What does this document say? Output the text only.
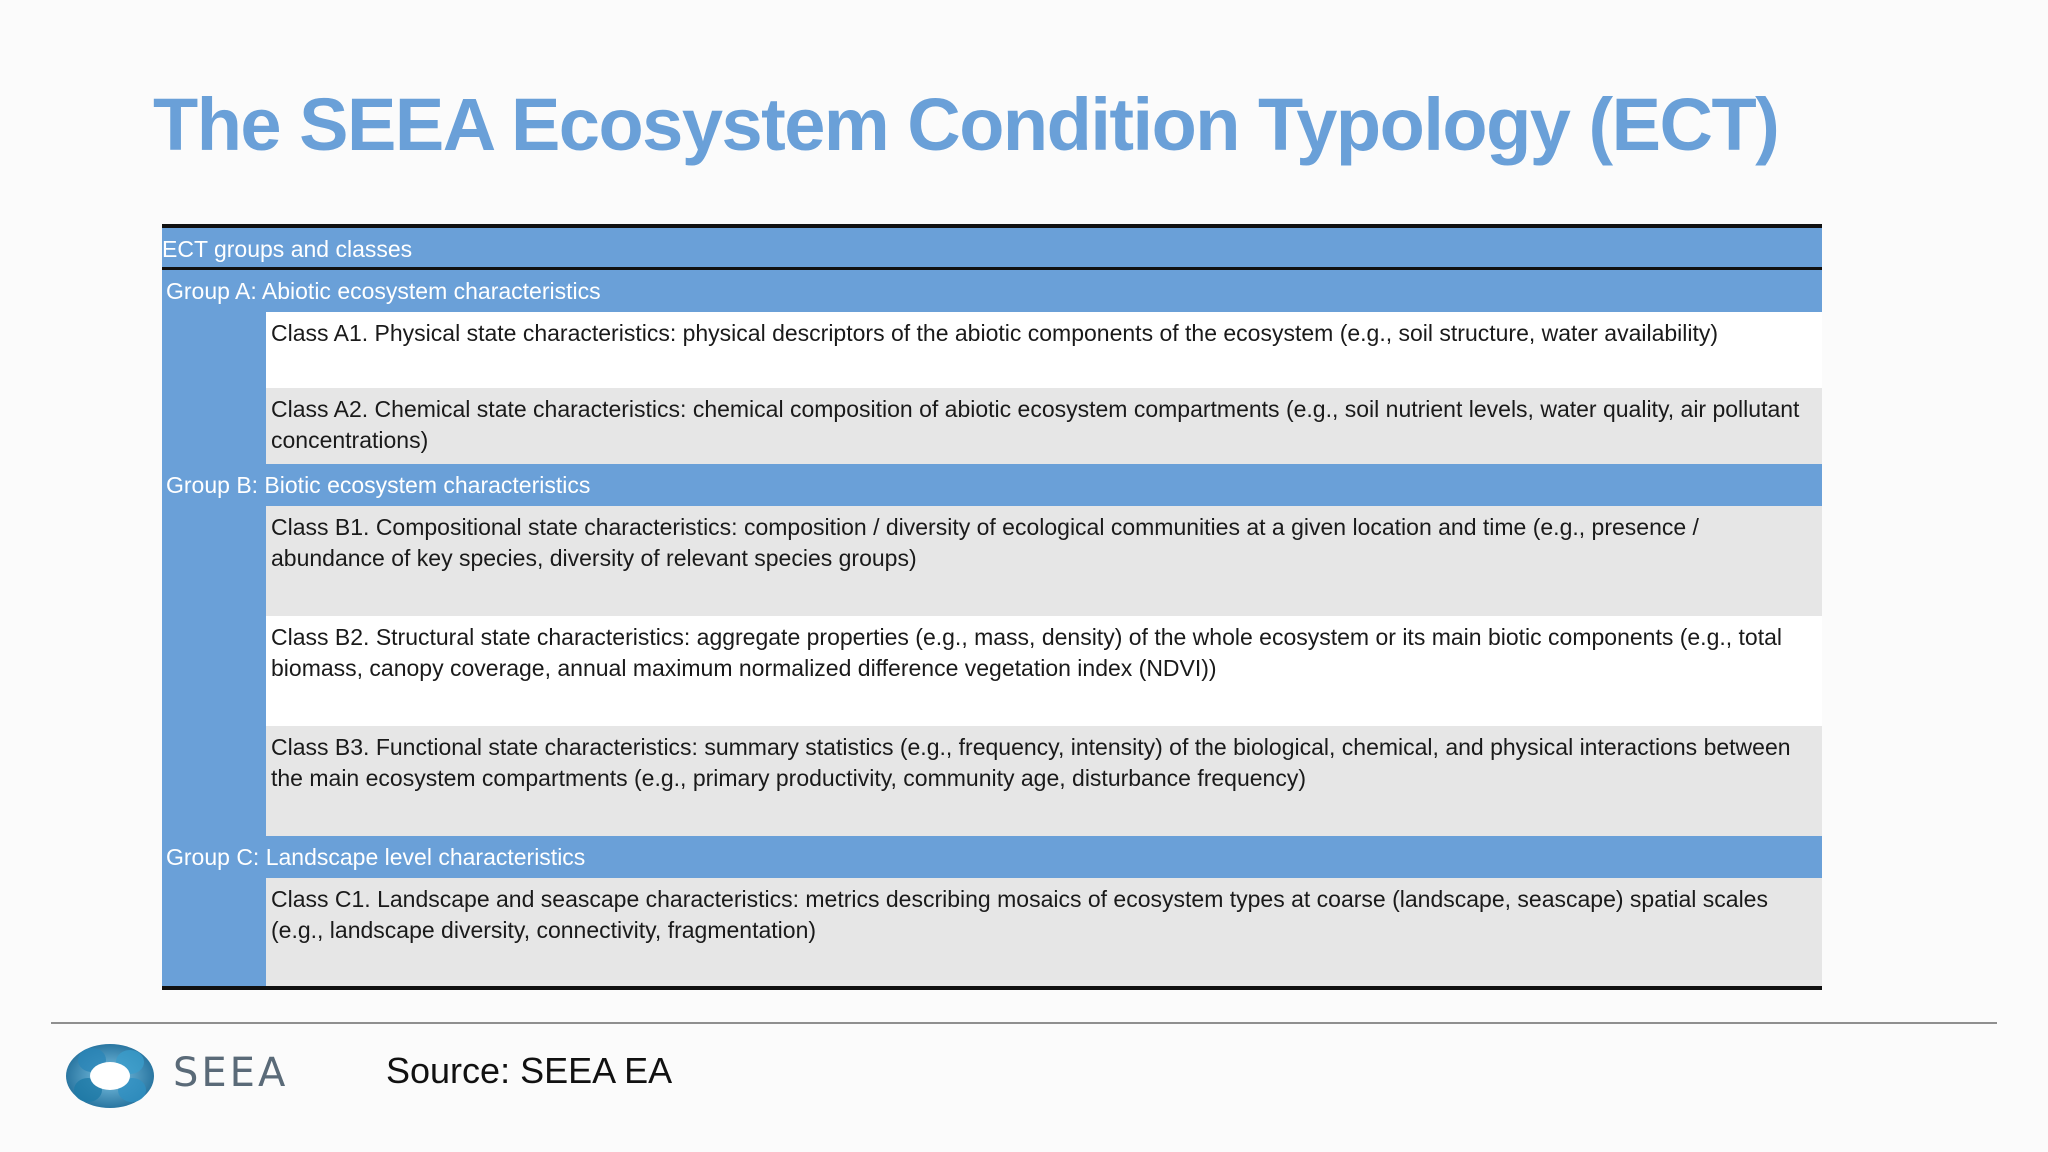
The SEEA Ecosystem Condition Typology (ECT)
ECT groups and classes
Group A: Abiotic ecosystem characteristics
Class A1. Physical state characteristics: physical descriptors of the abiotic components of the ecosystem (e.g., soil structure, water availability)
Class A2. Chemical state characteristics: chemical composition of abiotic ecosystem compartments (e.g., soil nutrient levels, water quality, air pollutant concentrations)
Group B: Biotic ecosystem characteristics
Class B1. Compositional state characteristics: composition / diversity of ecological communities at a given location and time (e.g., presence / abundance of key species, diversity of relevant species groups)
Class B2. Structural state characteristics: aggregate properties (e.g., mass, density) of the whole ecosystem or its main biotic components (e.g., total biomass, canopy coverage, annual maximum normalized difference vegetation index (NDVI))
Class B3. Functional state characteristics: summary statistics (e.g., frequency, intensity) of the biological, chemical, and physical interactions between the main ecosystem compartments (e.g., primary productivity, community age, disturbance frequency)
Group C: Landscape level characteristics
Class C1. Landscape and seascape characteristics: metrics describing mosaics of ecosystem types at coarse (landscape, seascape) spatial scales (e.g., landscape diversity, connectivity, fragmentation)
SEEA	Source: SEEA EA
